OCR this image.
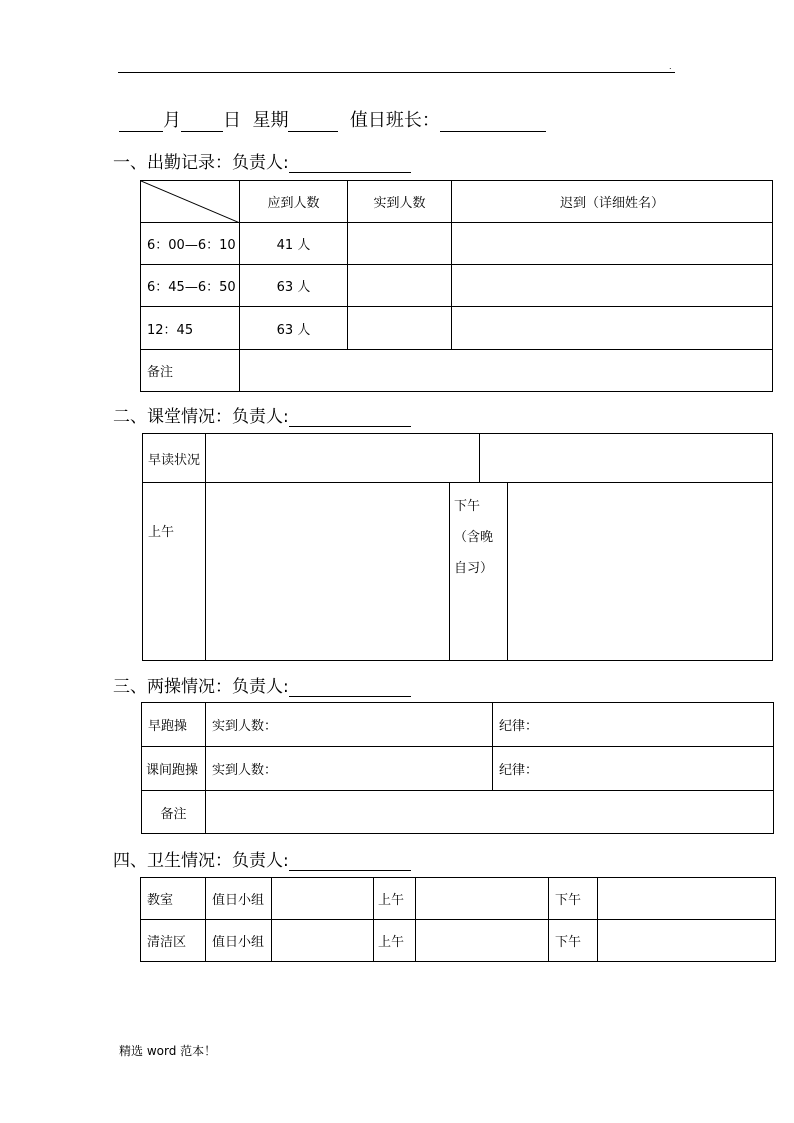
.
月 日 星期	值日班长：
一、出勤记录：负责人:
	应到人数	实到人数	迟到（详细姓名）
6：00—6：10	41 人		
6：45—6：50	63 人		
12：45	63 人		
备注			
二、课堂情况：负责人:
早读状况				
上午		下午
（含晚
自习）		

三、两操情况：负责人:
早跑操	实到人数：	纪律：
课间跑操	实到人数：	纪律：
备注		
四、卫生情况：负责人:
教室	值日小组		上午		下午	
清洁区	值日小组		上午		下午	
精选 word 范本！
